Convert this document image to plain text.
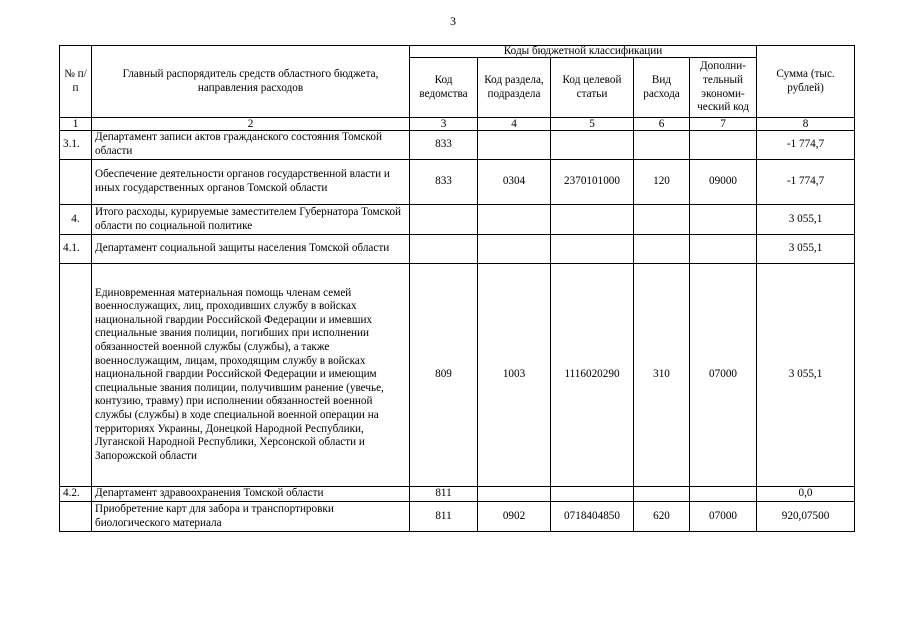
3
№ п/п	Главный распорядитель средств областного бюджета, направления расходов	Коды бюджетной классификации					Сумма (тыс. рублей)
		Код ведомства	Код раздела, подраздела	Код целевой статьи	Вид расхода	Дополни-тельный экономи-ческий код	
1	2	3	4	5	6	7	8
3.1.	Департамент записи актов гражданского состояния Томской области	833					-1 774,7
	Обеспечение деятельности органов государственной власти и иных государственных органов Томской области	833	0304	2370101000	120	09000	-1 774,7
4.	Итого расходы, курируемые заместителем Губернатора Томской области по социальной политике						3 055,1
4.1.	Департамент социальной защиты населения Томской области						3 055,1
	Единовременная материальная помощь членам семей военнослужащих, лиц, проходивших службу в войсках национальной гвардии Российской Федерации и имевших специальные звания полиции, погибших при исполнении обязанностей военной службы (службы), а также военнослужащим, лицам, проходящим службу в войсках национальной гвардии Российской Федерации и имеющим специальные звания полиции, получившим ранение (увечье, контузию, травму) при исполнении обязанностей военной службы (службы) в ходе специальной военной операции на территориях Украины, Донецкой Народной Республики, Луганской Народной Республики, Херсонской области и Запорожской области	809	1003	1116020290	310	07000	3 055,1
4.2.	Департамент здравоохранения Томской области	811					0,0
	Приобретение карт для забора и транспортировки биологического материала	811	0902	0718404850	620	07000	920,07500
